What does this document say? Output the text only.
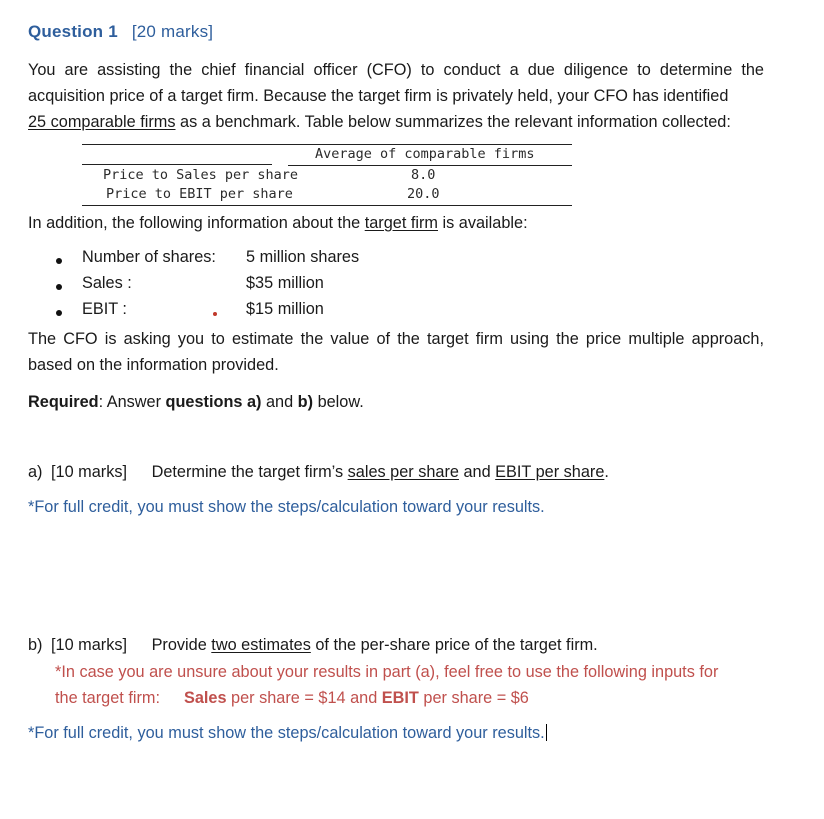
Question 1 [20 marks]
You are assisting the chief financial officer (CFO) to conduct a due diligence to determine the acquisition price of a target firm. Because the target firm is privately held, your CFO has identified
25 comparable firms as a benchmark. Table below summarizes the relevant information collected:
Average of comparable firms
Price to Sales per share	8.0
Price to EBIT per share	20.0
In addition, the following information about the target firm is available:
Number of shares: 5 million shares
Sales :	$35 million
EBIT :	$15 million
The CFO is asking you to estimate the value of the target firm using the price multiple approach, based on the information provided.
Required: Answer questions a) and b) below.
a) [10 marks] Determine the target firm’s sales per share and EBIT per share.
*For full credit, you must show the steps/calculation toward your results.
b) [10 marks] Provide two estimates of the per-share price of the target firm.
*In case you are unsure about your results in part (a), feel free to use the following inputs for
the target firm: Sales per share = $14 and EBIT per share = $6
*For full credit, you must show the steps/calculation toward your results.
